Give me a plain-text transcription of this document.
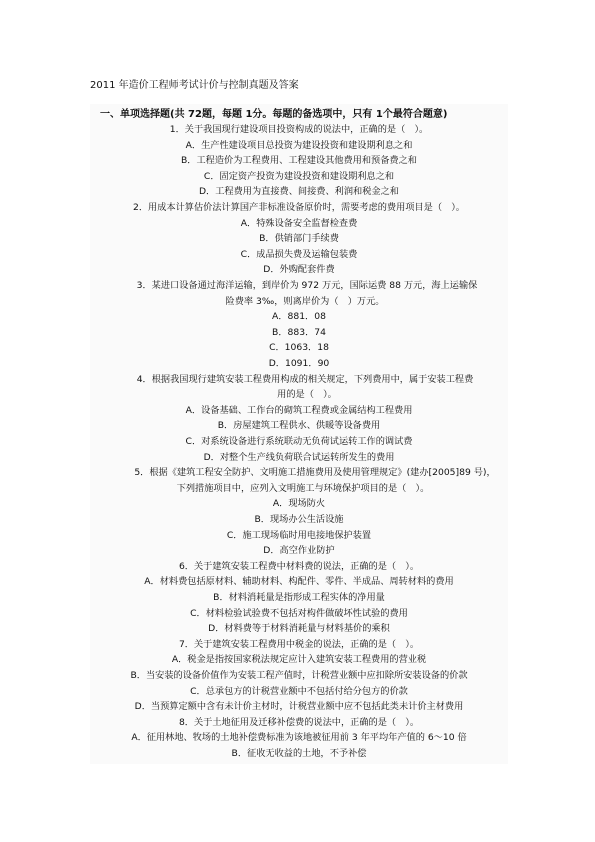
2011 年造价工程师考试计价与控制真题及答案
一、单项选择题(共 72题，每题 1分。每题的备选项中，只有 1个最符合题意)
1．关于我国现行建设项目投资构成的说法中，正确的是（　）。
A．生产性建设项目总投资为建设投资和建设期利息之和
B．工程造价为工程费用、工程建设其他费用和预备费之和
C．固定资产投资为建设投资和建设期利息之和
D．工程费用为直接费、间接费、利润和税金之和
2．用成本计算估价法计算国产非标准设备原价时，需要考虑的费用项目是（　）。
A．特殊设备安全监督检查费
B．供销部门手续费
C．成品损失费及运输包装费
D．外购配套件费
3．某进口设备通过海洋运输，到岸价为 972 万元，国际运费 88 万元，海上运输保
险费率 3‰，则离岸价为（　）万元。
A．881．08
B．883．74
C．1063．18
D．1091．90
4．根据我国现行建筑安装工程费用构成的相关规定，下列费用中，属于安装工程费
用的是（　）。
A．设备基础、工作台的砌筑工程费或金属结构工程费用
B．房屋建筑工程供水、供暖等设备费用
C．对系统设备进行系统联动无负荷试运转工作的调试费
D．对整个生产线负荷联合试运转所发生的费用
5．根据《建筑工程安全防护、文明施工措施费用及使用管理规定》(建办[2005]89 号)，
下列措施项目中，应列入文明施工与环境保护项目的是（　）。
A．现场防火
B．现场办公生活设施
C．施工现场临时用电接地保护装置
D．高空作业防护
6．关于建筑安装工程费中材料费的说法，正确的是（　）。
A．材料费包括原材料、辅助材料、构配件、零件、半成品、周转材料的费用
B．材料消耗量是指形成工程实体的净用量
C．材料检验试验费不包括对构件做破坏性试验的费用
D．材料费等于材料消耗量与材料基价的乘积
7．关于建筑安装工程费用中税金的说法，正确的是（　）。
A．税金是指按国家税法规定应计入建筑安装工程费用的营业税
B．当安装的设备价值作为安装工程产值时，计税营业额中应扣除所安装设备的价款
C．总承包方的计税营业额中不包括付给分包方的价款
D．当预算定额中含有未计价主材时，计税营业额中应不包括此类未计价主材费用
8．关于土地征用及迁移补偿费的说法中，正确的是（　）。
A．征用林地、牧场的土地补偿费标准为该地被征用前 3 年平均年产值的 6～10 倍
B．征收无收益的土地，不予补偿
